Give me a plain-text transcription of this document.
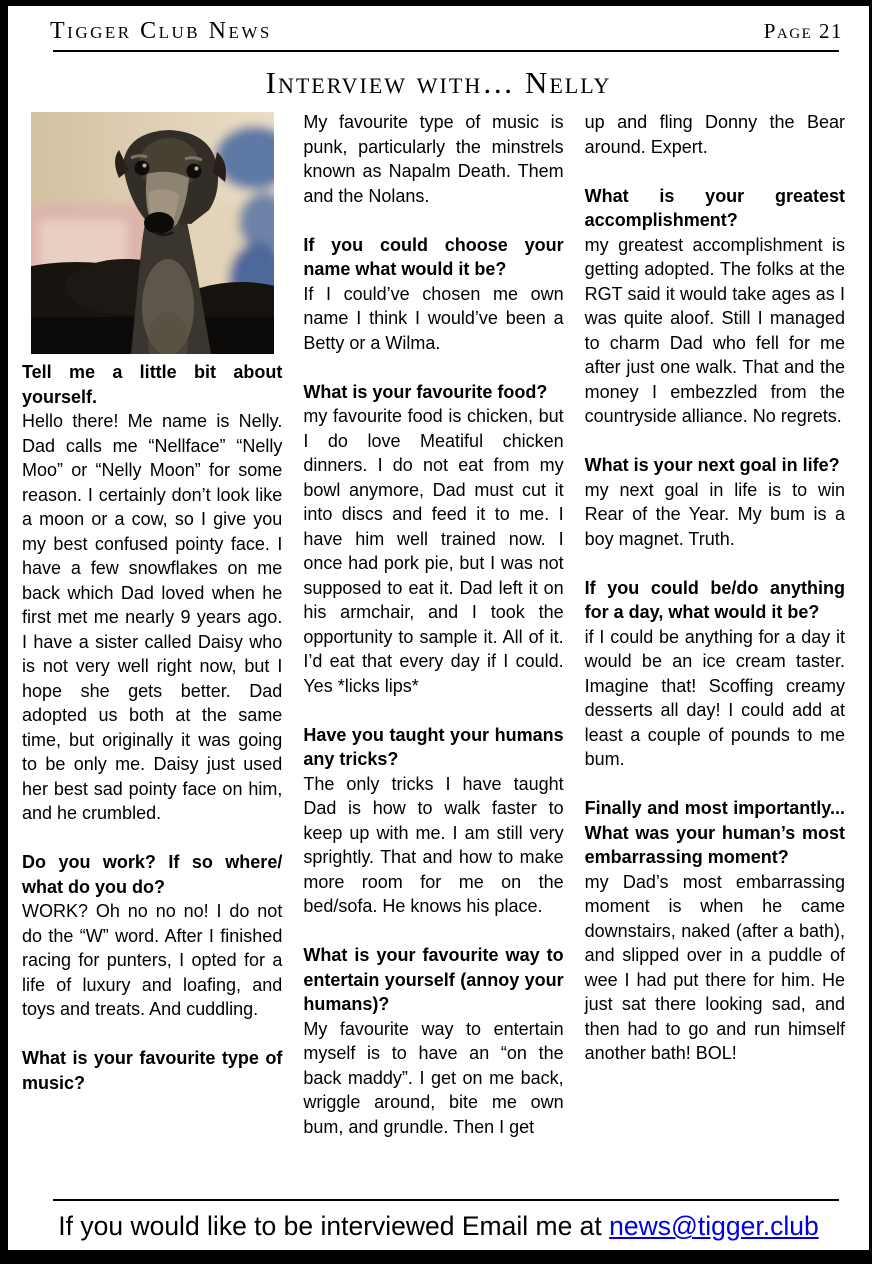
Tigger Club News	Page 21
Interview with… Nelly

Tell me a little bit about yourself.

Hello there! Me name is Nelly. Dad calls me “Nellface” “Nelly Moo” or “Nelly Moon” for some reason. I certainly don’t look like a moon or a cow, so I give you my best confused pointy face. I have a few snowflakes on me back which Dad loved when he first met me nearly 9 years ago. I have a sister called Daisy who is not very well right now, but I hope she gets better. Dad adopted us both at the same time, but originally it was going to be only me. Daisy just used her best sad pointy face on him, and he crumbled.

Do you work? If so where/ what do you do?

WORK? Oh no no no! I do not do the “W” word. After I finished racing for punters, I opted for a life of luxury and loafing, and toys and treats. And cuddling.

What is your favourite type of music?

My favourite type of music is punk, particularly the minstrels known as Napalm Death. Them and the Nolans.

If you could choose your name what would it be?

If I could’ve chosen me own name I think I would’ve been a Betty or a Wilma.

What is your favourite food?

my favourite food is chicken, but I do love Meatiful chicken dinners. I do not eat from my bowl anymore, Dad must cut it into discs and feed it to me. I have him well trained now. I once had pork pie, but I was not supposed to eat it. Dad left it on his armchair, and I took the opportunity to sample it. All of it. I’d eat that every day if I could. Yes *licks lips*

Have you taught your humans any tricks?

The only tricks I have taught Dad is how to walk faster to keep up with me. I am still very sprightly. That and how to make more room for me on the bed/sofa. He knows his place.

What is your favourite way to entertain yourself (annoy your humans)?

My favourite way to entertain myself is to have an “on the back maddy”. I get on me back, wriggle around, bite me own bum, and grundle. Then I get

up and fling Donny the Bear around. Expert.

What is your greatest accomplishment?

my greatest accomplishment is getting adopted. The folks at the RGT said it would take ages as I was quite aloof. Still I managed to charm Dad who fell for me after just one walk. That and the money I embezzled from the countryside alliance. No regrets.

What is your next goal in life?

my next goal in life is to win Rear of the Year. My bum is a boy magnet. Truth.

If you could be/do anything for a day, what would it be?

if I could be anything for a day it would be an ice cream taster. Imagine that! Scoffing creamy desserts all day! I could add at least a couple of pounds to me bum.

Finally and most importantly... What was your human’s most embarrassing moment?

my Dad’s most embarrassing moment is when he came downstairs, naked (after a bath), and slipped over in a puddle of wee I had put there for him. He just sat there looking sad, and then had to go and run himself another bath! BOL!

If you would like to be interviewed Email me at news@tigger.club
